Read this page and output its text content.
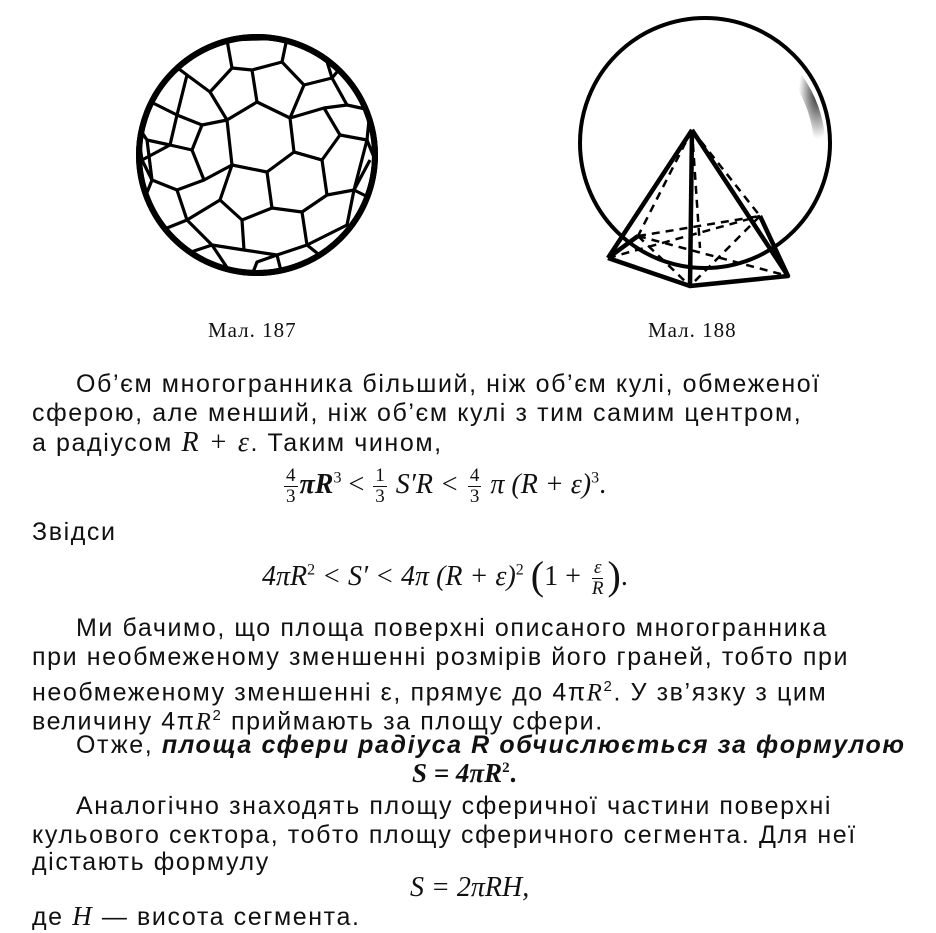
Мал. 187	Мал. 188
Об’єм многогранника більший, ніж об’єм кулі, обмеженої
сферою, але менший, ніж об’єм кулі з тим самим центром,
а радіусом R + ε. Таким чином,
$\frac{4}{3} \pi R^3 < \frac{1}{3} S'R < \frac{4}{3}$ π $(R + \varepsilon)^3$.
Звідси
$4\pi R^2 < S' < 4\pi$ $(R + \varepsilon)^2$ ($1 + \frac{\varepsilon}{R}$ ).
Ми бачимо, що площа поверхні описаного многогранника
при необмеженому зменшенні розмірів його граней, тобто при
необмеженому зменшенні ε, прямує до $4\pi R^2$. У зв’язку з цим
величину $4\pi R^2$ приймають за площу сфери.
Отже, площа сфери радіуса R обчислюється за формулою
$S = 4\pi R^2$.
Аналогічно знаходять площу сферичної частини поверхні
кульового сектора, тобто площу сферичного сегмента. Для неї
дістають формулу
S = 2πRH,
де H — висота сегмента.
